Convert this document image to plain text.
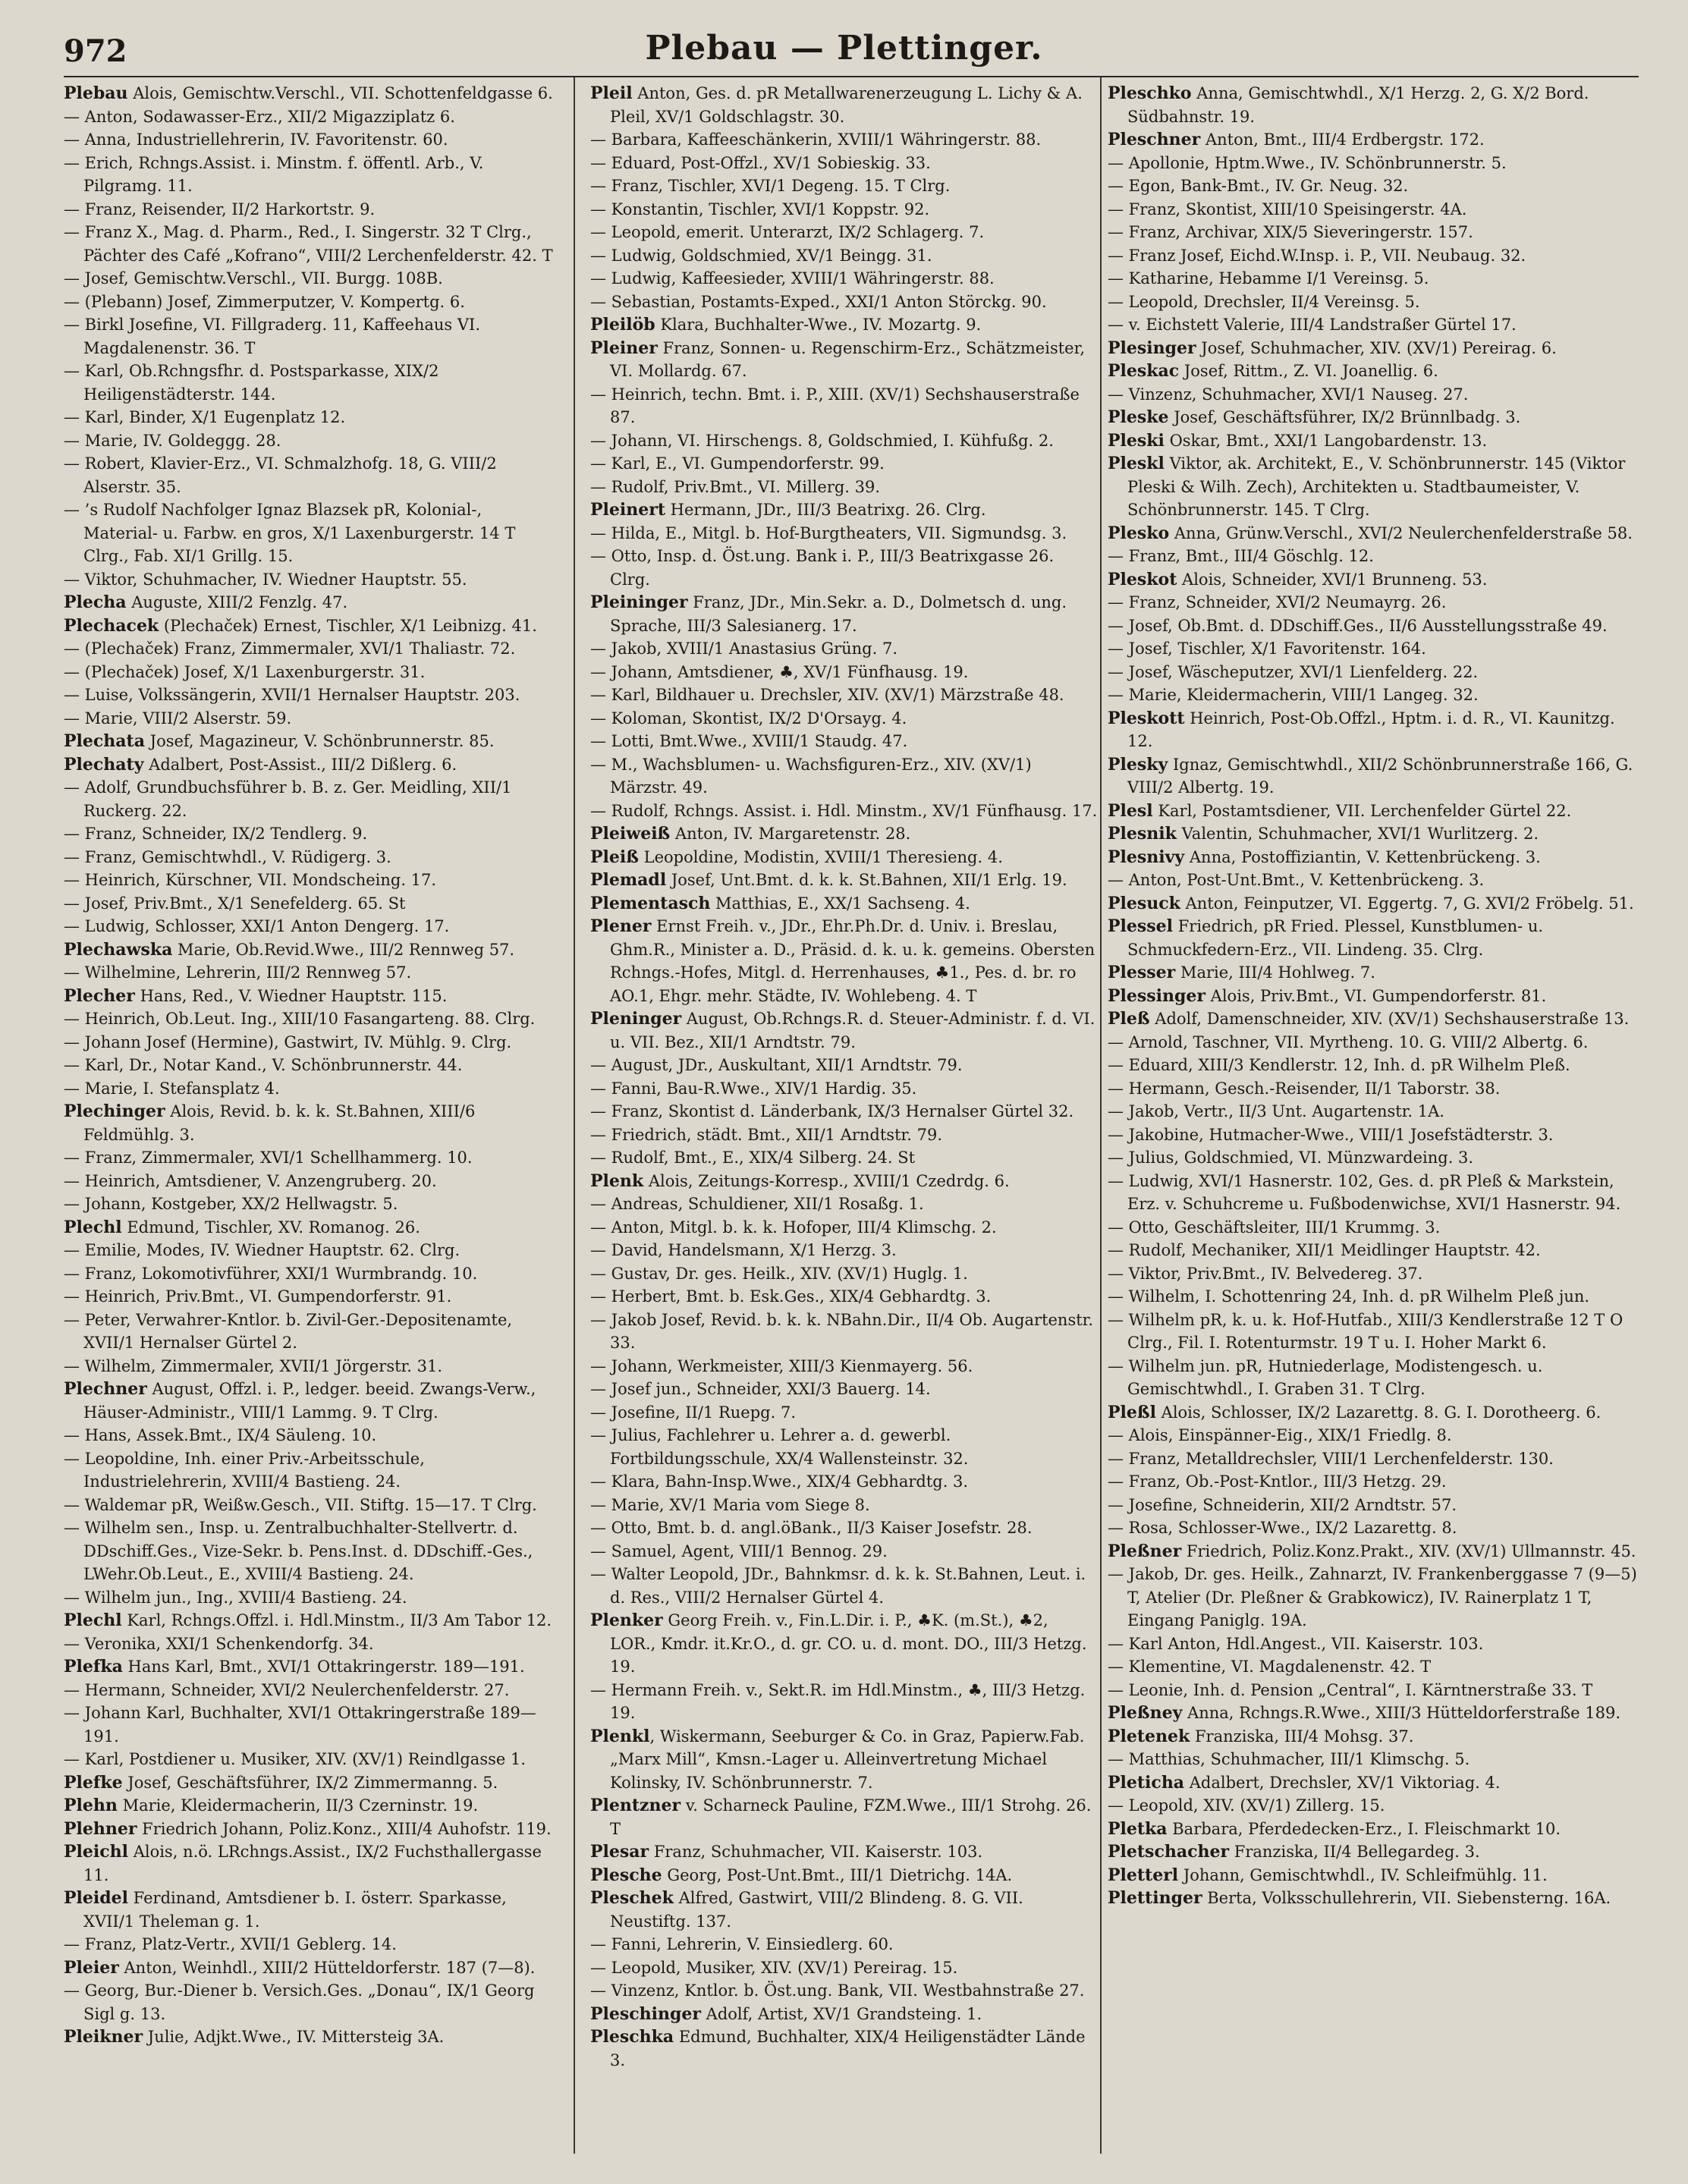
972	Plebau — Plettinger.

Plebau Alois, Gemischtw.Verschl., VII. Schottenfeldgasse 6.

— Anton, Sodawasser-Erz., XII/2 Migazziplatz 6.

— Anna, Industriellehrerin, IV. Favoritenstr. 60.

— Erich, Rchngs.Assist. i. Minstm. f. öffentl. Arb., V. Pilgramg. 11.

— Franz, Reisender, II/2 Harkortstr. 9.

— Franz X., Mag. d. Pharm., Red., I. Singerstr. 32 T Clrg., Pächter des Café „Kofrano“, VIII/2 Lerchenfelderstr. 42. T

— Josef, Gemischtw.Verschl., VII. Burgg. 108B.

— (Plebann) Josef, Zimmerputzer, V. Kompertg. 6.

— Birkl Josefine, VI. Fillgraderg. 11, Kaffeehaus VI. Magdalenenstr. 36. T

— Karl, Ob.Rchngsfhr. d. Postsparkasse, XIX/2 Heiligenstädterstr. 144.

— Karl, Binder, X/1 Eugenplatz 12.

— Marie, IV. Goldeggg. 28.

— Robert, Klavier-Erz., VI. Schmalzhofg. 18, G. VIII/2 Alserstr. 35.

— ’s Rudolf Nachfolger Ignaz Blazsek pR, Kolonial-, Material- u. Farbw. en gros, X/1 Laxenburgerstr. 14 T Clrg., Fab. XI/1 Grillg. 15.

— Viktor, Schuhmacher, IV. Wiedner Hauptstr. 55.

Plecha Auguste, XIII/2 Fenzlg. 47.

Plechacek (Plechaček) Ernest, Tischler, X/1 Leibnizg. 41.

— (Plechaček) Franz, Zimmermaler, XVI/1 Thaliastr. 72.

— (Plechaček) Josef, X/1 Laxenburgerstr. 31.

— Luise, Volkssängerin, XVII/1 Hernalser Hauptstr. 203.

— Marie, VIII/2 Alserstr. 59.

Plechata Josef, Magazineur, V. Schönbrunnerstr. 85.

Plechaty Adalbert, Post-Assist., III/2 Dißlerg. 6.

— Adolf, Grundbuchsführer b. B. z. Ger. Meidling, XII/1 Ruckerg. 22.

— Franz, Schneider, IX/2 Tendlerg. 9.

— Franz, Gemischtwhdl., V. Rüdigerg. 3.

— Heinrich, Kürschner, VII. Mondscheing. 17.

— Josef, Priv.Bmt., X/1 Senefelderg. 65. St

— Ludwig, Schlosser, XXI/1 Anton Dengerg. 17.

Plechawska Marie, Ob.Revid.Wwe., III/2 Rennweg 57.

— Wilhelmine, Lehrerin, III/2 Rennweg 57.

Plecher Hans, Red., V. Wiedner Hauptstr. 115.

— Heinrich, Ob.Leut. Ing., XIII/10 Fasangarteng. 88. Clrg.

— Johann Josef (Hermine), Gastwirt, IV. Mühlg. 9. Clrg.

— Karl, Dr., Notar Kand., V. Schönbrunnerstr. 44.

— Marie, I. Stefansplatz 4.

Plechinger Alois, Revid. b. k. k. St.Bahnen, XIII/6 Feldmühlg. 3.

— Franz, Zimmermaler, XVI/1 Schellhammerg. 10.

— Heinrich, Amtsdiener, V. Anzengruberg. 20.

— Johann, Kostgeber, XX/2 Hellwagstr. 5.

Plechl Edmund, Tischler, XV. Romanog. 26.

— Emilie, Modes, IV. Wiedner Hauptstr. 62. Clrg.

— Franz, Lokomotivführer, XXI/1 Wurmbrandg. 10.

— Heinrich, Priv.Bmt., VI. Gumpendorferstr. 91.

— Peter, Verwahrer-Kntlor. b. Zivil-Ger.-Depositenamte, XVII/1 Hernalser Gürtel 2.

— Wilhelm, Zimmermaler, XVII/1 Jörgerstr. 31.

Plechner August, Offzl. i. P., ledger. beeid. Zwangs-Verw., Häuser-Administr., VIII/1 Lammg. 9. T Clrg.

— Hans, Assek.Bmt., IX/4 Säuleng. 10.

— Leopoldine, Inh. einer Priv.-Arbeitsschule, Industrielehrerin, XVIII/4 Bastieng. 24.

— Waldemar pR, Weißw.Gesch., VII. Stiftg. 15—17. T Clrg.

— Wilhelm sen., Insp. u. Zentralbuchhalter-Stellvertr. d. DDschiff.Ges., Vize-Sekr. b. Pens.Inst. d. DDschiff.-Ges., LWehr.Ob.Leut., E., XVIII/4 Bastieng. 24.

— Wilhelm jun., Ing., XVIII/4 Bastieng. 24.

Plechl Karl, Rchngs.Offzl. i. Hdl.Minstm., II/3 Am Tabor 12.

— Veronika, XXI/1 Schenkendorfg. 34.

Plefka Hans Karl, Bmt., XVI/1 Ottakringerstr. 189—191.

— Hermann, Schneider, XVI/2 Neulerchenfelderstr. 27.

— Johann Karl, Buchhalter, XVI/1 Ottakringerstraße 189—191.

— Karl, Postdiener u. Musiker, XIV. (XV/1) Reindlgasse 1.

Plefke Josef, Geschäftsführer, IX/2 Zimmermanng. 5.

Plehn Marie, Kleidermacherin, II/3 Czerninstr. 19.

Plehner Friedrich Johann, Poliz.Konz., XIII/4 Auhofstr. 119.

Pleichl Alois, n.ö. LRchngs.Assist., IX/2 Fuchsthallergasse 11.

Pleidel Ferdinand, Amtsdiener b. I. österr. Sparkasse, XVII/1 Theleman g. 1.

— Franz, Platz-Vertr., XVII/1 Geblerg. 14.

Pleier Anton, Weinhdl., XIII/2 Hütteldorferstr. 187 (7—8).

— Georg, Bur.-Diener b. Versich.Ges. „Donau“, IX/1 Georg Sigl g. 13.

Pleikner Julie, Adjkt.Wwe., IV. Mittersteig 3A.

Pleil Anton, Ges. d. pR Metallwarenerzeugung L. Lichy & A. Pleil, XV/1 Goldschlagstr. 30.

— Barbara, Kaffeeschänkerin, XVIII/1 Währingerstr. 88.

— Eduard, Post-Offzl., XV/1 Sobieskig. 33.

— Franz, Tischler, XVI/1 Degeng. 15. T Clrg.

— Konstantin, Tischler, XVI/1 Koppstr. 92.

— Leopold, emerit. Unterarzt, IX/2 Schlagerg. 7.

— Ludwig, Goldschmied, XV/1 Beingg. 31.

— Ludwig, Kaffeesieder, XVIII/1 Währingerstr. 88.

— Sebastian, Postamts-Exped., XXI/1 Anton Störckg. 90.

Pleilöb Klara, Buchhalter-Wwe., IV. Mozartg. 9.

Pleiner Franz, Sonnen- u. Regenschirm-Erz., Schätzmeister, VI. Mollardg. 67.

— Heinrich, techn. Bmt. i. P., XIII. (XV/1) Sechshauserstraße 87.

— Johann, VI. Hirschengs. 8, Goldschmied, I. Kühfußg. 2.

— Karl, E., VI. Gumpendorferstr. 99.

— Rudolf, Priv.Bmt., VI. Millerg. 39.

Pleinert Hermann, JDr., III/3 Beatrixg. 26. Clrg.

— Hilda, E., Mitgl. b. Hof-Burgtheaters, VII. Sigmundsg. 3.

— Otto, Insp. d. Öst.ung. Bank i. P., III/3 Beatrixgasse 26. Clrg.

Pleininger Franz, JDr., Min.Sekr. a. D., Dolmetsch d. ung. Sprache, III/3 Salesianerg. 17.

— Jakob, XVIII/1 Anastasius Grüng. 7.

— Johann, Amtsdiener, ♣, XV/1 Fünfhausg. 19.

— Karl, Bildhauer u. Drechsler, XIV. (XV/1) Märzstraße 48.

— Koloman, Skontist, IX/2 D'Orsayg. 4.

— Lotti, Bmt.Wwe., XVIII/1 Staudg. 47.

— M., Wachsblumen- u. Wachsfiguren-Erz., XIV. (XV/1) Märzstr. 49.

— Rudolf, Rchngs. Assist. i. Hdl. Minstm., XV/1 Fünfhausg. 17.

Pleiweiß Anton, IV. Margaretenstr. 28.

Pleiß Leopoldine, Modistin, XVIII/1 Theresieng. 4.

Plemadl Josef, Unt.Bmt. d. k. k. St.Bahnen, XII/1 Erlg. 19.

Plementasch Matthias, E., XX/1 Sachseng. 4.

Plener Ernst Freih. v., JDr., Ehr.Ph.Dr. d. Univ. i. Breslau, Ghm.R., Minister a. D., Präsid. d. k. u. k. gemeins. Obersten Rchngs.-Hofes, Mitgl. d. Herrenhauses, ♣1., Pes. d. br. ro AO.1, Ehgr. mehr. Städte, IV. Wohlebeng. 4. T

Pleninger August, Ob.Rchngs.R. d. Steuer-Administr. f. d. VI. u. VII. Bez., XII/1 Arndtstr. 79.

— August, JDr., Auskultant, XII/1 Arndtstr. 79.

— Fanni, Bau-R.Wwe., XIV/1 Hardig. 35.

— Franz, Skontist d. Länderbank, IX/3 Hernalser Gürtel 32.

— Friedrich, städt. Bmt., XII/1 Arndtstr. 79.

— Rudolf, Bmt., E., XIX/4 Silberg. 24. St

Plenk Alois, Zeitungs-Korresp., XVIII/1 Czedrdg. 6.

— Andreas, Schuldiener, XII/1 Rosaßg. 1.

— Anton, Mitgl. b. k. k. Hofoper, III/4 Klimschg. 2.

— David, Handelsmann, X/1 Herzg. 3.

— Gustav, Dr. ges. Heilk., XIV. (XV/1) Huglg. 1.

— Herbert, Bmt. b. Esk.Ges., XIX/4 Gebhardtg. 3.

— Jakob Josef, Revid. b. k. k. NBahn.Dir., II/4 Ob. Augartenstr. 33.

— Johann, Werkmeister, XIII/3 Kienmayerg. 56.

— Josef jun., Schneider, XXI/3 Bauerg. 14.

— Josefine, II/1 Ruepg. 7.

— Julius, Fachlehrer u. Lehrer a. d. gewerbl. Fortbildungsschule, XX/4 Wallensteinstr. 32.

— Klara, Bahn-Insp.Wwe., XIX/4 Gebhardtg. 3.

— Marie, XV/1 Maria vom Siege 8.

— Otto, Bmt. b. d. angl.öBank., II/3 Kaiser Josefstr. 28.

— Samuel, Agent, VIII/1 Bennog. 29.

— Walter Leopold, JDr., Bahnkmsr. d. k. k. St.Bahnen, Leut. i. d. Res., VIII/2 Hernalser Gürtel 4.

Plenker Georg Freih. v., Fin.L.Dir. i. P., ♣K. (m.St.), ♣2, LOR., Kmdr. it.Kr.O., d. gr. CO. u. d. mont. DO., III/3 Hetzg. 19.

— Hermann Freih. v., Sekt.R. im Hdl.Minstm., ♣, III/3 Hetzg. 19.

Plenkl, Wiskermann, Seeburger & Co. in Graz, Papierw.Fab. „Marx Mill“, Kmsn.-Lager u. Alleinvertretung Michael Kolinsky, IV. Schönbrunnerstr. 7.

Plentzner v. Scharneck Pauline, FZM.Wwe., III/1 Strohg. 26. T

Plesar Franz, Schuhmacher, VII. Kaiserstr. 103.

Plesche Georg, Post-Unt.Bmt., III/1 Dietrichg. 14A.

Pleschek Alfred, Gastwirt, VIII/2 Blindeng. 8. G. VII. Neustiftg. 137.

— Fanni, Lehrerin, V. Einsiedlerg. 60.

— Leopold, Musiker, XIV. (XV/1) Pereirag. 15.

— Vinzenz, Kntlor. b. Öst.ung. Bank, VII. Westbahnstraße 27.

Pleschinger Adolf, Artist, XV/1 Grandsteing. 1.

Pleschka Edmund, Buchhalter, XIX/4 Heiligenstädter Lände 3.

Pleschko Anna, Gemischtwhdl., X/1 Herzg. 2, G. X/2 Bord. Südbahnstr. 19.

Pleschner Anton, Bmt., III/4 Erdbergstr. 172.

— Apollonie, Hptm.Wwe., IV. Schönbrunnerstr. 5.

— Egon, Bank-Bmt., IV. Gr. Neug. 32.

— Franz, Skontist, XIII/10 Speisingerstr. 4A.

— Franz, Archivar, XIX/5 Sieveringerstr. 157.

— Franz Josef, Eichd.W.Insp. i. P., VII. Neubaug. 32.

— Katharine, Hebamme I/1 Vereinsg. 5.

— Leopold, Drechsler, II/4 Vereinsg. 5.

— v. Eichstett Valerie, III/4 Landstraßer Gürtel 17.

Plesinger Josef, Schuhmacher, XIV. (XV/1) Pereirag. 6.

Pleskac Josef, Rittm., Z. VI. Joanellig. 6.

— Vinzenz, Schuhmacher, XVI/1 Nauseg. 27.

Pleske Josef, Geschäftsführer, IX/2 Brünnlbadg. 3.

Pleski Oskar, Bmt., XXI/1 Langobardenstr. 13.

Pleskl Viktor, ak. Architekt, E., V. Schönbrunnerstr. 145 (Viktor Pleski & Wilh. Zech), Architekten u. Stadtbaumeister, V. Schönbrunnerstr. 145. T Clrg.

Plesko Anna, Grünw.Verschl., XVI/2 Neulerchenfelderstraße 58.

— Franz, Bmt., III/4 Göschlg. 12.

Pleskot Alois, Schneider, XVI/1 Brunneng. 53.

— Franz, Schneider, XVI/2 Neumayrg. 26.

— Josef, Ob.Bmt. d. DDschiff.Ges., II/6 Ausstellungsstraße 49.

— Josef, Tischler, X/1 Favoritenstr. 164.

— Josef, Wäscheputzer, XVI/1 Lienfelderg. 22.

— Marie, Kleidermacherin, VIII/1 Langeg. 32.

Pleskott Heinrich, Post-Ob.Offzl., Hptm. i. d. R., VI. Kaunitzg. 12.

Plesky Ignaz, Gemischtwhdl., XII/2 Schönbrunnerstraße 166, G. VIII/2 Albertg. 19.

Plesl Karl, Postamtsdiener, VII. Lerchenfelder Gürtel 22.

Plesnik Valentin, Schuhmacher, XVI/1 Wurlitzerg. 2.

Plesnivy Anna, Postoffiziantin, V. Kettenbrückeng. 3.

— Anton, Post-Unt.Bmt., V. Kettenbrückeng. 3.

Plesuck Anton, Feinputzer, VI. Eggertg. 7, G. XVI/2 Fröbelg. 51.

Plessel Friedrich, pR Fried. Plessel, Kunstblumen- u. Schmuckfedern-Erz., VII. Lindeng. 35. Clrg.

Plesser Marie, III/4 Hohlweg. 7.

Plessinger Alois, Priv.Bmt., VI. Gumpendorferstr. 81.

Pleß Adolf, Damenschneider, XIV. (XV/1) Sechshauserstraße 13.

— Arnold, Taschner, VII. Myrtheng. 10. G. VIII/2 Albertg. 6.

— Eduard, XIII/3 Kendlerstr. 12, Inh. d. pR Wilhelm Pleß.

— Hermann, Gesch.-Reisender, II/1 Taborstr. 38.

— Jakob, Vertr., II/3 Unt. Augartenstr. 1A.

— Jakobine, Hutmacher-Wwe., VIII/1 Josefstädterstr. 3.

— Julius, Goldschmied, VI. Münzwardeing. 3.

— Ludwig, XVI/1 Hasnerstr. 102, Ges. d. pR Pleß & Markstein, Erz. v. Schuhcreme u. Fußbodenwichse, XVI/1 Hasnerstr. 94.

— Otto, Geschäftsleiter, III/1 Krummg. 3.

— Rudolf, Mechaniker, XII/1 Meidlinger Hauptstr. 42.

— Viktor, Priv.Bmt., IV. Belvedereg. 37.

— Wilhelm, I. Schottenring 24, Inh. d. pR Wilhelm Pleß jun.

— Wilhelm pR, k. u. k. Hof-Hutfab., XIII/3 Kendlerstraße 12 T O Clrg., Fil. I. Rotenturmstr. 19 T u. I. Hoher Markt 6.

— Wilhelm jun. pR, Hutniederlage, Modistengesch. u. Gemischtwhdl., I. Graben 31. T Clrg.

Pleßl Alois, Schlosser, IX/2 Lazarettg. 8. G. I. Dorotheerg. 6.

— Alois, Einspänner-Eig., XIX/1 Friedlg. 8.

— Franz, Metalldrechsler, VIII/1 Lerchenfelderstr. 130.

— Franz, Ob.-Post-Kntlor., III/3 Hetzg. 29.

— Josefine, Schneiderin, XII/2 Arndtstr. 57.

— Rosa, Schlosser-Wwe., IX/2 Lazarettg. 8.

Pleßner Friedrich, Poliz.Konz.Prakt., XIV. (XV/1) Ullmannstr. 45.

— Jakob, Dr. ges. Heilk., Zahnarzt, IV. Frankenberggasse 7 (9—5) T, Atelier (Dr. Pleßner & Grabkowicz), IV. Rainerplatz 1 T, Eingang Paniglg. 19A.

— Karl Anton, Hdl.Angest., VII. Kaiserstr. 103.

— Klementine, VI. Magdalenenstr. 42. T

— Leonie, Inh. d. Pension „Central“, I. Kärntnerstraße 33. T

Pleßney Anna, Rchngs.R.Wwe., XIII/3 Hütteldorferstraße 189.

Pletenek Franziska, III/4 Mohsg. 37.

— Matthias, Schuhmacher, III/1 Klimschg. 5.

Pleticha Adalbert, Drechsler, XV/1 Viktoriag. 4.

— Leopold, XIV. (XV/1) Zillerg. 15.

Pletka Barbara, Pferdedecken-Erz., I. Fleischmarkt 10.

Pletschacher Franziska, II/4 Bellegardeg. 3.

Pletterl Johann, Gemischtwhdl., IV. Schleifmühlg. 11.

Plettinger Berta, Volksschullehrerin, VII. Siebensterng. 16A.
